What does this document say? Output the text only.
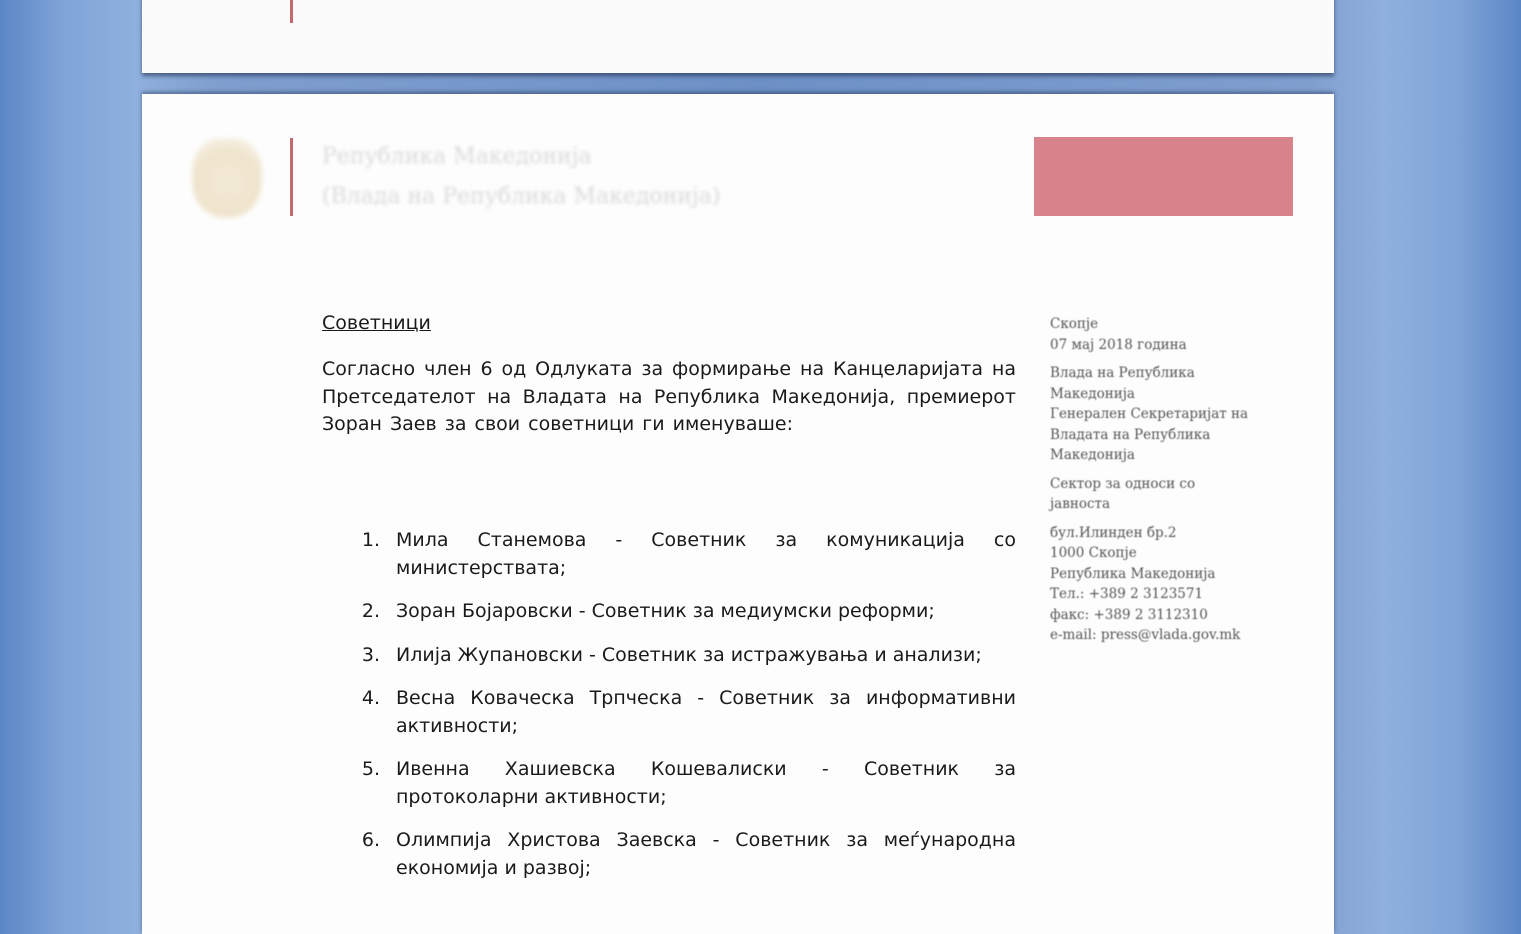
Република Македонија
(Влада на Република Македонија)
Советници
Согласно член 6 од Одлуката за формирање на Канцеларијата на Претседателот на Владата на Република Македонија, премиерот Зоран Заев за свои советници ги именуваше:
1. Мила Станемова - Советник за комуникација со министерствата;
2. Зоран Бојаровски - Советник за медиумски реформи;
3. Илија Жупановски - Советник за истражувања и анализи;
4. Весна Коваческа Трпческа - Советник за информативни активности;
5. Ивенна Хашиевска Кошевалиски - Советник за протоколарни активности;
6. Олимпија Христова Заевска - Советник за меѓународна економија и развој;
Скопје
07 мај 2018 година
Влада на Република
Македонија
Генерален Секретаријат на
Владата на Република
Македонија
Сектор за односи со
јавноста
бул.Илинден бр.2
1000 Скопје
Република Македонија
Тел.: +389 2 3123571
факс: +389 2 3112310
e-mail: press@vlada.gov.mk
